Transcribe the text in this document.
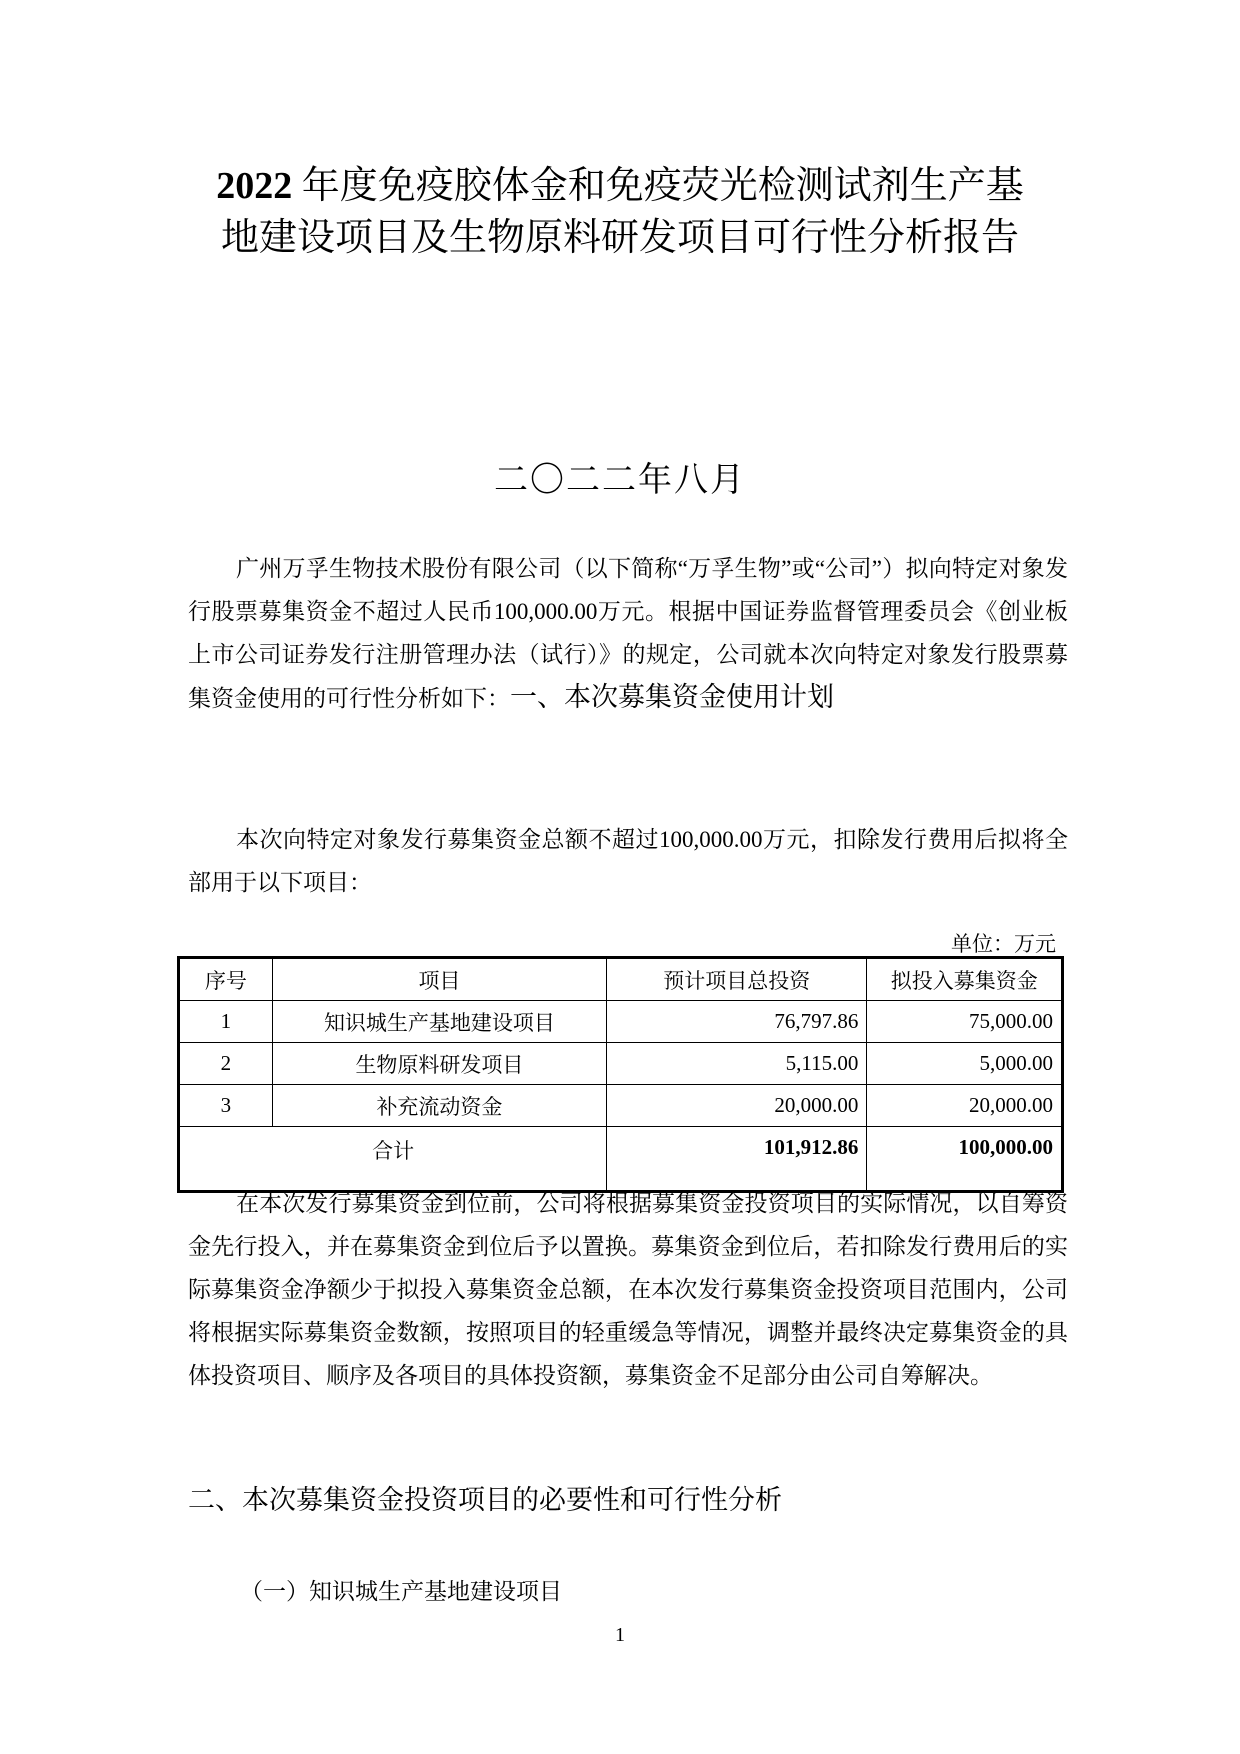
2022 年度免疫胶体金和免疫荧光检测试剂生产基
地建设项目及生物原料研发项目可行性分析报告
二〇二二年八月
广州万孚生物技术股份有限公司（以下简称“万孚生物”或“公司”）拟向特定对象发行股票募集资金不超过人民币100,000.00万元。根据中国证券监督管理委员会《创业板上市公司证券发行注册管理办法（试行）》的规定，公司就本次向特定对象发行股票募集资金使用的可行性分析如下：一、本次募集资金使用计划
本次向特定对象发行募集资金总额不超过100,000.00万元，扣除发行费用后拟将全部用于以下项目：
单位：万元
序号	项目	预计项目总投资	拟投入募集资金
1	知识城生产基地建设项目	76,797.86	75,000.00
2	生物原料研发项目	5,115.00	5,000.00
3	补充流动资金	20,000.00	20,000.00
合计		101,912.86	100,000.00
在本次发行募集资金到位前，公司将根据募集资金投资项目的实际情况，以自筹资金先行投入，并在募集资金到位后予以置换。募集资金到位后，若扣除发行费用后的实际募集资金净额少于拟投入募集资金总额，在本次发行募集资金投资项目范围内，公司将根据实际募集资金数额，按照项目的轻重缓急等情况，调整并最终决定募集资金的具体投资项目、顺序及各项目的具体投资额，募集资金不足部分由公司自筹解决。
二、本次募集资金投资项目的必要性和可行性分析
（一）知识城生产基地建设项目
1
